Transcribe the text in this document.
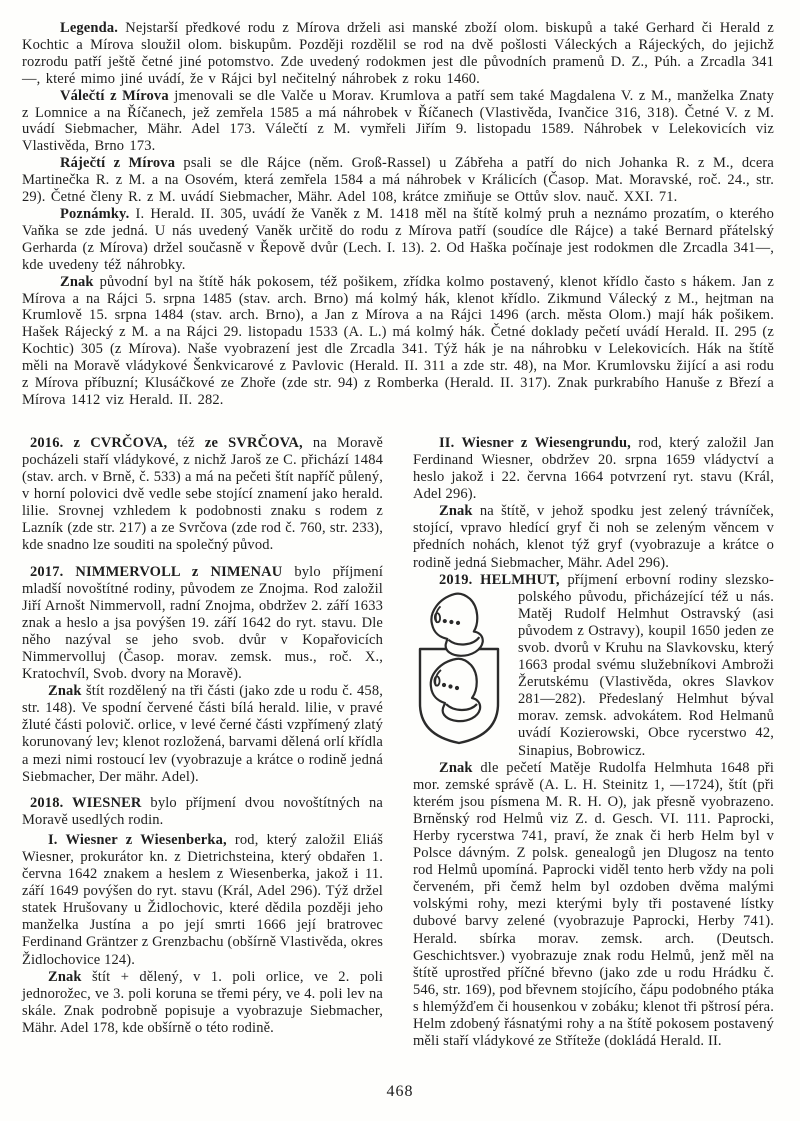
Legenda. Nejstarší předkové rodu z Mírova drželi asi manské zboží olom. biskupů a také Gerhard či Herald z Kochtic a Mírova sloužil olom. biskupům. Později rozdělil se rod na dvě pošlosti Váleckých a Rájeckých, do jejichž rozrodu patří ještě četné jiné potomstvo. Zde uvedený rodokmen jest dle původních pramenů D. Z., Púh. a Zrcadla 341—, které mimo jiné uvádí, že v Rájci byl nečitelný náhrobek z roku 1460.

Válečtí z Mírova jmenovali se dle Valče u Morav. Krumlova a patří sem také Magdalena V. z M., manželka Znaty z Lomnice a na Říčanech, jež zemřela 1585 a má náhrobek v Říčanech (Vlastivěda, Ivančice 316, 318). Četné V. z M. uvádí Siebmacher, Mähr. Adel 173. Válečtí z M. vymřeli Jiřím 9. listopadu 1589. Náhrobek v Lelekovicích viz Vlastivěda, Brno 173.

Ráječtí z Mírova psali se dle Rájce (něm. Groß-Rassel) u Zábřeha a patří do nich Johanka R. z M., dcera Martinečka R. z M. a na Osovém, která zemřela 1584 a má náhrobek v Králicích (Časop. Mat. Moravské, roč. 24., str. 29). Četné členy R. z M. uvádí Siebmacher, Mähr. Adel 108, krátce zmiňuje se Ottův slov. nauč. XXI. 71.

Poznámky. I. Herald. II. 305, uvádí že Vaněk z M. 1418 měl na štítě kolmý pruh a neznámo prozatím, o kterého Vaňka se zde jedná. U nás uvedený Vaněk určitě do rodu z Mírova patří (soudíce dle Rájce) a také Bernard přátelský Gerharda (z Mírova) držel současně v Řepově dvůr (Lech. I. 13). 2. Od Haška počínaje jest rodokmen dle Zrcadla 341—, kde uvedeny též náhrobky.

Znak původní byl na štítě hák pokosem, též pošikem, zřídka kolmo postavený, klenot křídlo často s hákem. Jan z Mírova a na Rájci 5. srpna 1485 (stav. arch. Brno) má kolmý hák, klenot křídlo. Zikmund Válecký z M., hejtman na Krumlově 15. srpna 1484 (stav. arch. Brno), a Jan z Mírova a na Rájci 1496 (arch. města Olom.) mají hák pošikem. Hašek Rájecký z M. a na Rájci 29. listopadu 1533 (A. L.) má kolmý hák. Četné doklady pečetí uvádí Herald. II. 295 (z Kochtic) 305 (z Mírova). Naše vyobrazení jest dle Zrcadla 341. Týž hák je na náhrobku v Lelekovicích. Hák na štítě měli na Moravě vládykové Šenkvicarové z Pavlovic (Herald. II. 311 a zde str. 48), na Mor. Krumlovsku žijící a asi rodu z Mírova příbuzní; Klusáčkové ze Zhoře (zde str. 94) z Romberka (Herald. II. 317). Znak purkrabího Hanuše z Březí a Mírova 1412 viz Herald. II. 282.

2016. z CVRČOVA, též ze SVRČOVA, na Moravě pocházeli staří vládykové, z nichž Jaroš ze C. přichází 1484 (stav. arch. v Brně, č. 533) a má na pečeti štít napříč půlený, v horní polovici dvě vedle sebe stojící znamení jako herald. lilie. Srovnej vzhledem k podobnosti znaku s rodem z Lazník (zde str. 217) a ze Svrčova (zde rod č. 760, str. 233), kde snadno lze souditi na společný původ.

2017. NIMMERVOLL z NIMENAU bylo příjmení mladší novoštítné rodiny, původem ze Znojma. Rod založil Jiří Arnošt Nimmervoll, radní Znojma, obdržev 2. září 1633 znak a heslo a jsa povýšen 19. září 1642 do ryt. stavu. Dle něho nazýval se jeho svob. dvůr v Kopařovicích Nimmervolluj (Časop. morav. zemsk. mus., roč. X., Kratochvíl, Svob. dvory na Moravě).

Znak štít rozdělený na tři části (jako zde u rodu č. 458, str. 148). Ve spodní červené části bílá herald. lilie, v pravé žluté části polovič. orlice, v levé černé části vzpřímený zlatý korunovaný lev; klenot rozložená, barvami dělená orlí křídla a mezi nimi rostoucí lev (vyobrazuje a krátce o rodině jedná Siebmacher, Der mähr. Adel).

2018. WIESNER bylo příjmení dvou novoštítných na Moravě usedlých rodin.

I. Wiesner z Wiesenberka, rod, který založil Eliáš Wiesner, prokurátor kn. z Dietrichsteina, který obdařen 1. června 1642 znakem a heslem z Wiesenberka, jakož i 11. září 1649 povýšen do ryt. stavu (Král, Adel 296). Týž držel statek Hrušovany u Židlochovic, které dědila později jeho manželka Justína a po její smrti 1666 její bratrovec Ferdinand Gräntzer z Grenzbachu (obšírně Vlastivěda, okres Židlochovice 124).

Znak štít + dělený, v 1. poli orlice, ve 2. poli jednorožec, ve 3. poli koruna se třemi péry, ve 4. poli lev na skále. Znak podrobně popisuje a vyobrazuje Siebmacher, Mähr. Adel 178, kde obšírně o této rodině.

II. Wiesner z Wiesengrundu, rod, který založil Jan Ferdinand Wiesner, obdržev 20. srpna 1659 vládyctví a heslo jakož i 22. června 1664 potvrzení ryt. stavu (Král, Adel 296).

Znak na štítě, v jehož spodku jest zelený trávníček, stojící, vpravo hledící gryf či noh se zeleným věncem v předních nohách, klenot týž gryf (vyobrazuje a krátce o rodině jedná Siebmacher, Mähr. Adel 296).

2019. HELMHUT, příjmení erbovní rodiny slezsko-

polského původu, přicházející též u nás. Matěj Rudolf Helmhut Ostravský (asi původem z Ostravy), koupil 1650 jeden ze svob. dvorů v Kruhu na Slavkovsku, který 1663 prodal svému služebníkovi Ambroži Žerutskému (Vlastivěda, okres Slavkov 281—282). Předeslaný Helmhut býval morav. zemsk. advokátem. Rod Helmanů uvádí Kozierowski, Obce rycerstwo 42, Sinapius, Bobrowicz.

Znak dle pečetí Matěje Rudolfa Helmhuta 1648 při mor. zemské správě (A. L. H. Steinitz 1, —1724), štít (při kterém jsou písmena M. R. H. O), jak přesně vyobrazeno. Brněnský rod Helmů viz Z. d. Gesch. VI. 111. Paprocki, Herby rycerstwa 741, praví, že znak či herb Helm byl v Polsce dávným. Z polsk. genealogů jen Dlugosz na tento rod Helmů upomíná. Paprocki viděl tento herb vždy na poli červeném, při čemž helm byl ozdoben dvěma malými volskými rohy, mezi kterými byly tři postavené lístky dubové barvy zelené (vyobrazuje Paprocki, Herby 741). Herald. sbírka morav. zemsk. arch. (Deutsch. Geschichtsver.) vyobrazuje znak rodu Helmů, jenž měl na štítě uprostřed příčné břevno (jako zde u rodu Hrádku č. 546, str. 169), pod břevnem stojícího, čápu podobného ptáka s hlemýžďem či housenkou v zobáku; klenot tři pštrosí péra. Helm zdobený řásnatými rohy a na štítě pokosem postavený měli staří vládykové ze Stříteže (dokládá Herald. II.

468
